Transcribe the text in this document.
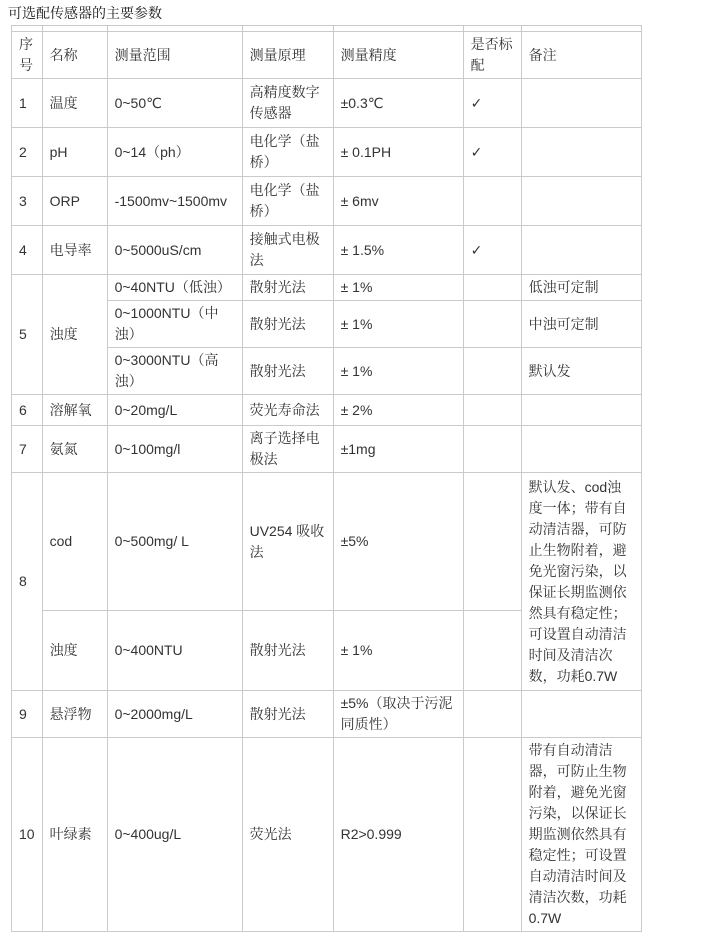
可选配传感器的主要参数

序号	名称	测量范围	测量原理	测量精度	是否标配	备注
1	温度	0~50℃	高精度数字传感器	±0.3℃	✓	
2	pH	0~14（ph）	电化学（盐桥）	± 0.1PH	✓	
3	ORP	-1500mv~1500mv	电化学（盐桥）	± 6mv		
4	电导率	0~5000uS/cm	接触式电极法	± 1.5%	✓	
5	浊度	0~40NTU（低浊）	散射光法	± 1%		低浊可定制
		0~1000NTU（中浊）	散射光法	± 1%		中浊可定制
		0~3000NTU（高浊）	散射光法	± 1%		默认发
6	溶解氧	0~20mg/L	荧光寿命法	± 2%		
7	氨氮	0~100mg/l	离子选择电极法	±1mg		
8	cod	0~500mg/ L	UV254 吸收法	±5%		默认发、cod浊度一体；带有自动清洁器，可防止生物附着，避免光窗污染，以保证长期监测依然具有稳定性；可设置自动清洁时间及清洁次数，功耗0.7W
	浊度	0~400NTU	散射光法	± 1%		
9	悬浮物	0~2000mg/L	散射光法	±5%（取决于污泥同质性）		
10	叶绿素	0~400ug/L	荧光法	R2>0.999		带有自动清洁器，可防止生物附着，避免光窗污染，以保证长期监测依然具有稳定性；可设置自动清洁时间及清洁次数，功耗0.7W
